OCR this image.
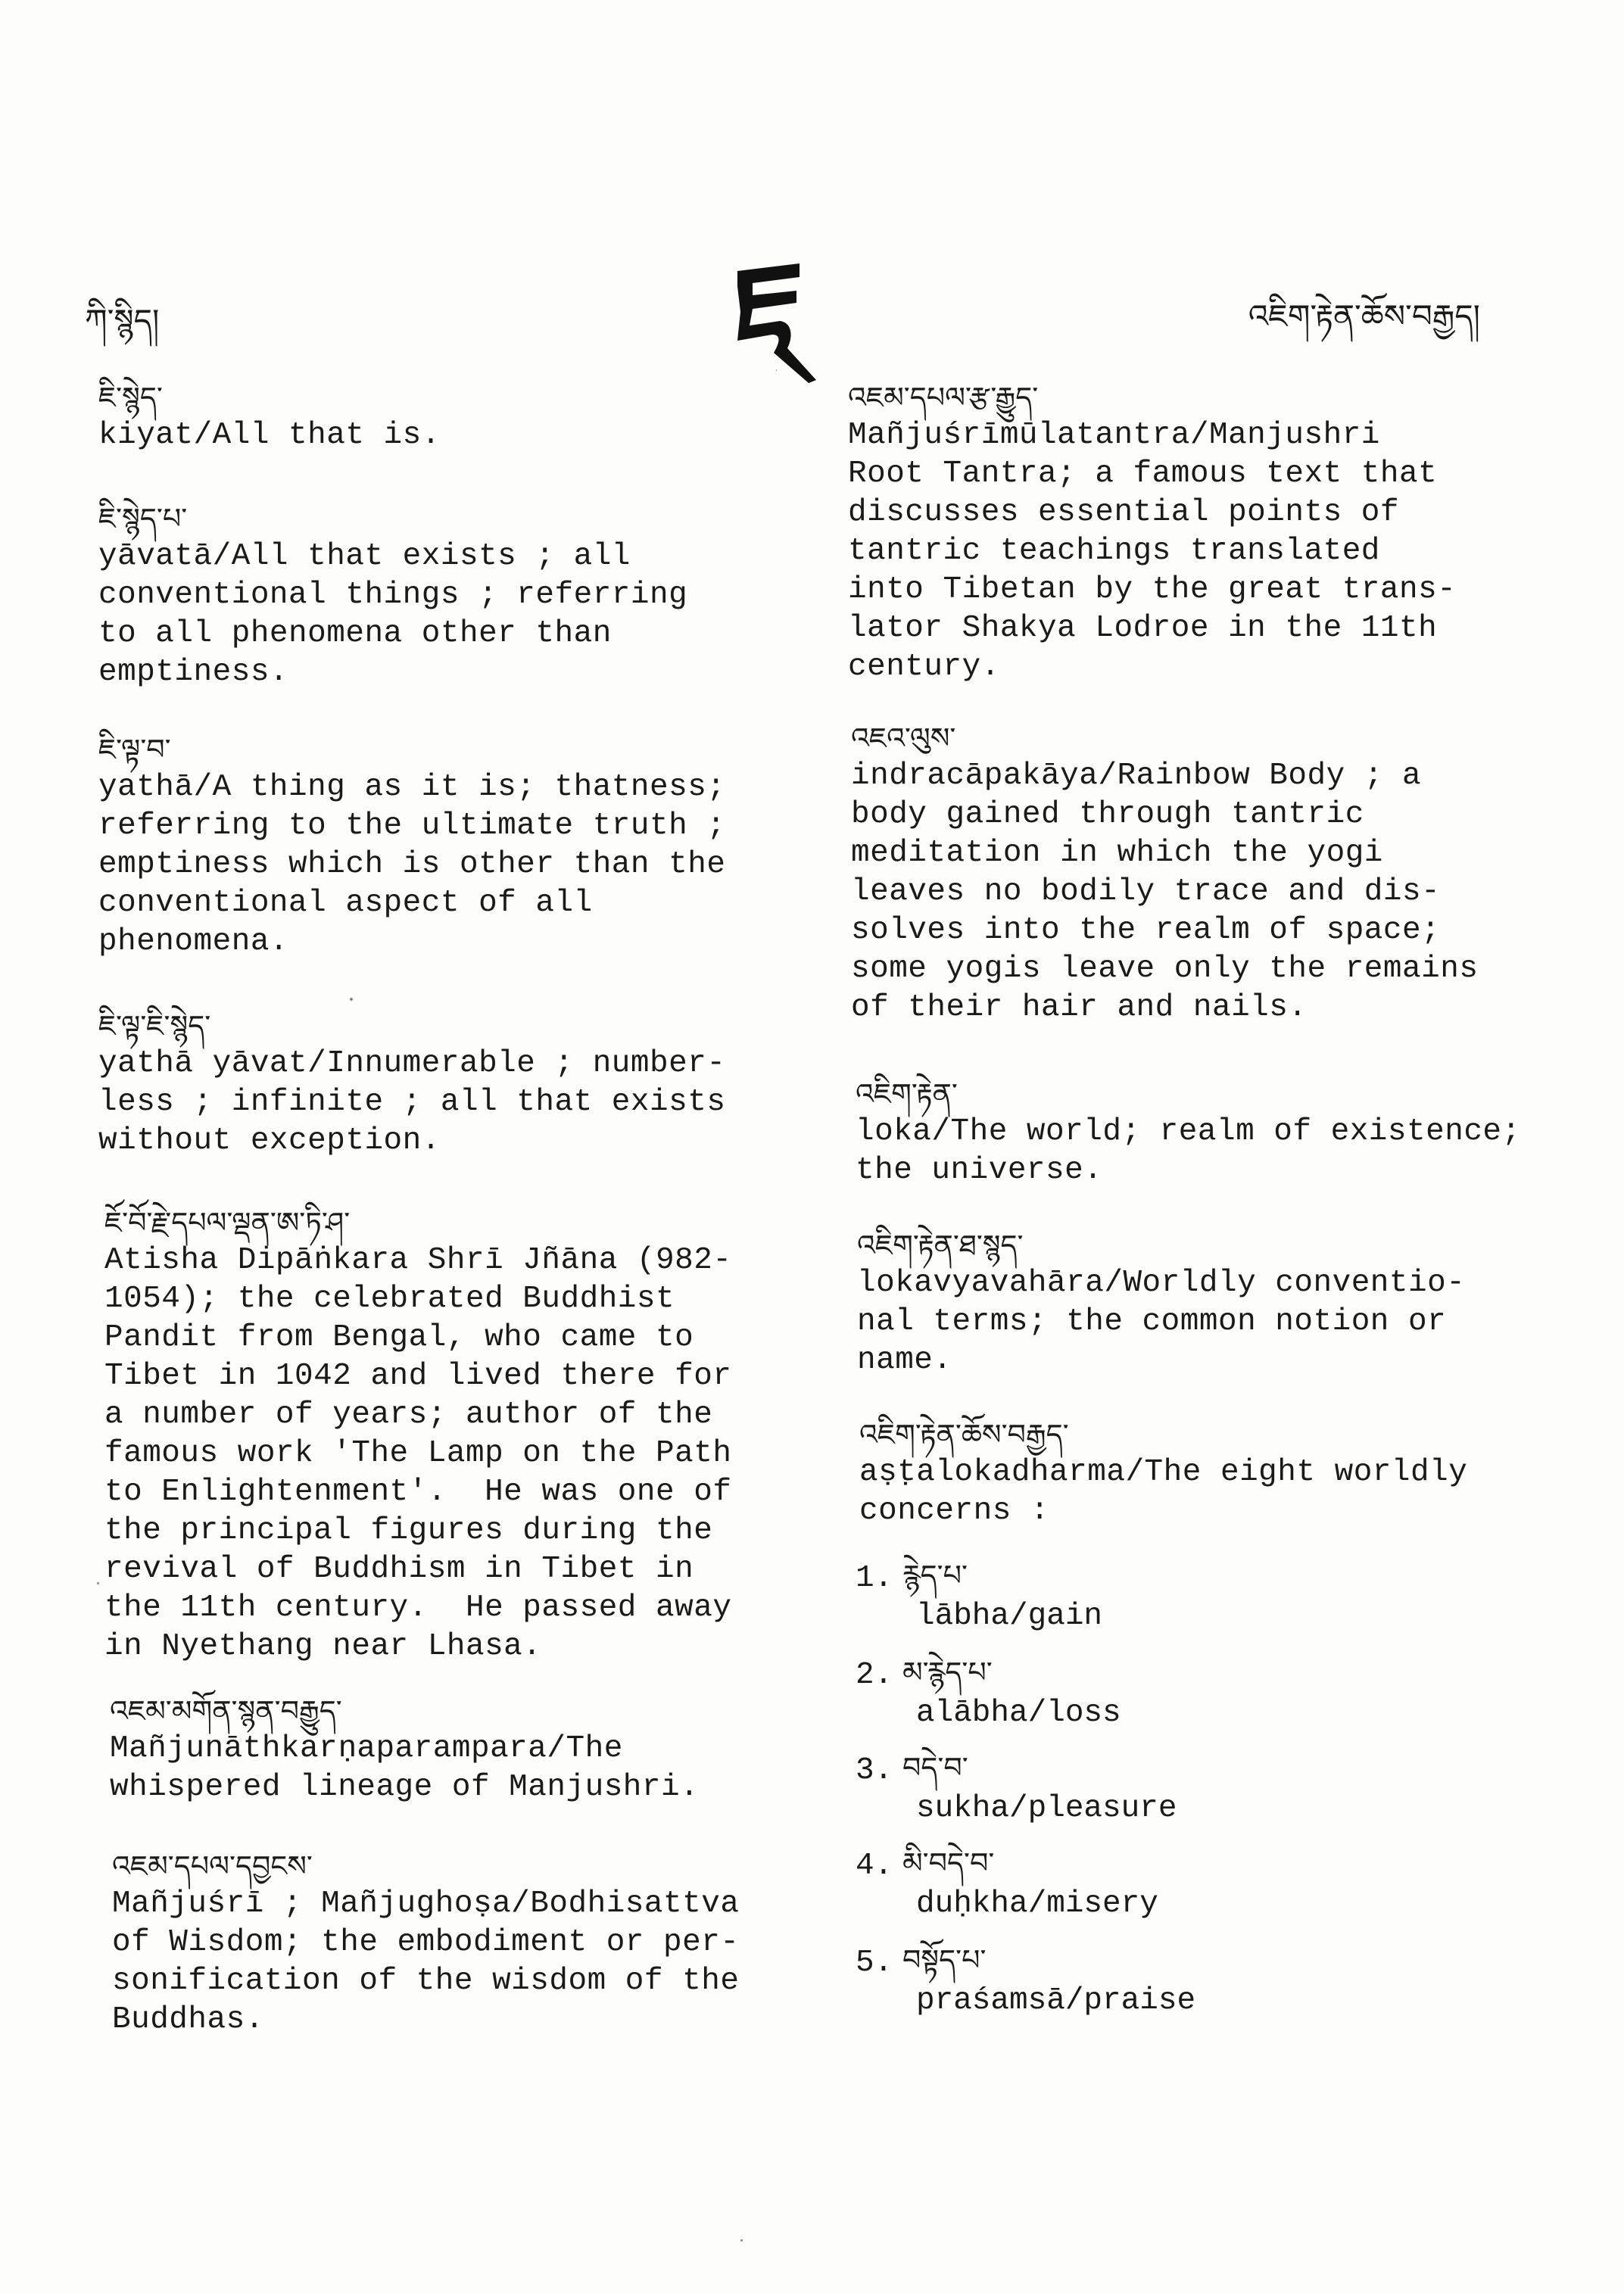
ཀི་སྙིད།
ཇ
འཇིག་རྟེན་ཆོས་བརྒྱད།
ཇི་སྙེད་
kiyat/All that is.
ཇི་སྙེད་པ་
yāvatā/All that exists ; all
conventional things ; referring
to all phenomena other than
emptiness.
ཇི་ལྟ་བ་
yathā/A thing as it is; thatness;
referring to the ultimate truth ;
emptiness which is other than the
conventional aspect of all
phenomena.
ཇི་ལྟ་ཇི་སྙེད་
yathā yāvat/Innumerable ; number-
less ; infinite ; all that exists
without exception.
ཇོ་བོ་རྗེ་དཔལ་ལྡན་ཨ་ཏི་ཤ་
Atisha Dipāṅkara Shrī Jñāna (982-
1054); the celebrated Buddhist
Pandit from Bengal, who came to
Tibet in 1042 and lived there for
a number of years; author of the
famous work 'The Lamp on the Path
to Enlightenment'.  He was one of
the principal figures during the
revival of Buddhism in Tibet in
the 11th century.  He passed away
in Nyethang near Lhasa.
འཇམ་མགོན་སྙན་བརྒྱུད་
Mañjunāthkarṇaparampara/The
whispered lineage of Manjushri.
འཇམ་དཔལ་དབྱངས་
Mañjuśrī ; Mañjughoṣa/Bodhisattva
of Wisdom; the embodiment or per-
sonification of the wisdom of the
Buddhas.
འཇམ་དཔལ་རྩ་རྒྱུད་
Mañjuśrīmūlatantra/Manjushri
Root Tantra; a famous text that
discusses essential points of
tantric teachings translated
into Tibetan by the great trans-
lator Shakya Lodroe in the 11th
century.
འཇའ་ལུས་
indracāpakāya/Rainbow Body ; a
body gained through tantric
meditation in which the yogi
leaves no bodily trace and dis-
solves into the realm of space;
some yogis leave only the remains
of their hair and nails.
འཇིག་རྟེན་
loka/The world; realm of existence;
the universe.
འཇིག་རྟེན་ཐ་སྙད་
lokavyavahāra/Worldly conventio-
nal terms; the common notion or
name.
འཇིག་རྟེན་ཆོས་བརྒྱད་
aṣṭalokadharma/The eight worldly
concerns :
1. རྙེད་པ་
lābha/gain
2. མ་རྙེད་པ་
alābha/loss
3. བདེ་བ་
sukha/pleasure
4. མི་བདེ་བ་
duḥkha/misery
5. བསྟོད་པ་
praśamsā/praise
